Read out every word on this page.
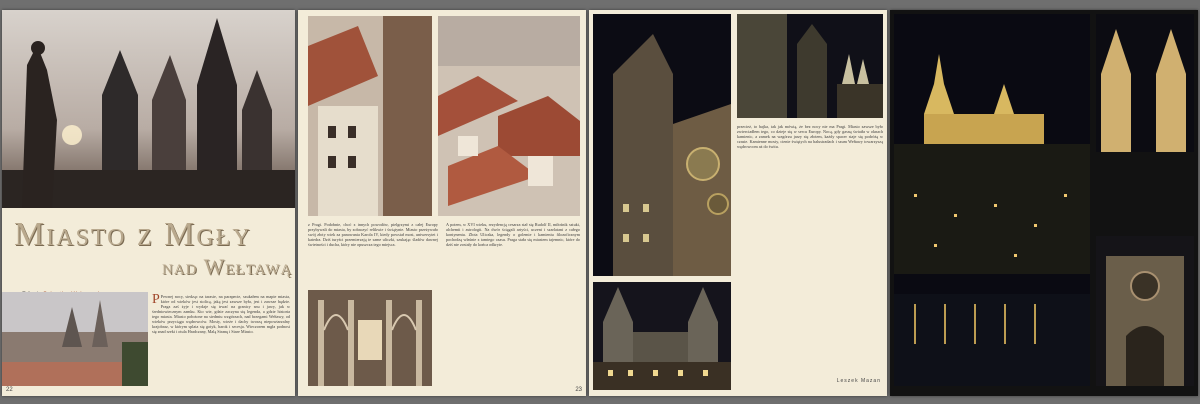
Miasto z Mgły
nad Wełtawą
P Pewnej nocy, siedząc na tarasie, na parapecie, szukałem na mapie miasta, które od wieków jest stolicą, jaką jest zawsze była, jest i zawsze będzie. Praga zaś żyje i wydaje się trwać na granicy snu i jawy, jak w średniowiecznym zamku. Kto wie, gdzie zaczyna się legenda, a gdzie historia tego miasta. Miasto położone na siedmiu wzgórzach, nad brzegami Wełtawy, od wieków przyciąga wędrowców. Mosty, wieże i dachy tworzą niepowtarzalny krajobraz, w którym splata się gotyk, barok i secesja. Wieczorem mgła podnosi się znad rzeki i otula Hradczany, Malą Stranę i Stare Miasto.
22
z Pragi. Podobnie, choć z innych powodów, pielgrzymi z całej Europy przybywali do miasta, by zobaczyć relikwie i świątynie. Miasto przeżywało swój złoty wiek za panowania Karola IV, kiedy powstał most, uniwersytet i katedra. Dziś turyści przemierzają te same uliczki, szukając śladów dawnej świetności i ducha, który nie opuszcza tego miejsca.
A potem, w XVI wieku, rezydencją cesarza stał się Rudolf II, miłośnik sztuki, alchemii i astrologii. Na dwór ściągali artyści, uczeni i szarlatani z całego kontynentu. Złota Uliczka, legendy o golemie i kamieniu filozoficznym pochodzą właśnie z tamtego czasu. Praga stała się miastem tajemnic, które do dziś nie zostały do końca odkryte.
23
przecież, to bajka, tak jak mówią, że bez nocy nie ma Pragi. Miasto zawsze było zwierciadłem tego, co dzieje się w sercu Europy. Nocą, gdy gasną światła w oknach kamienic, a zamek na wzgórzu jarzy się złotem, każdy spacer staje się podróżą w czasie. Kamienne mosty, cienie świętych na balustradach i szum Wełtawy towarzyszą wędrowcom aż do świtu.
Leszek Mazan
